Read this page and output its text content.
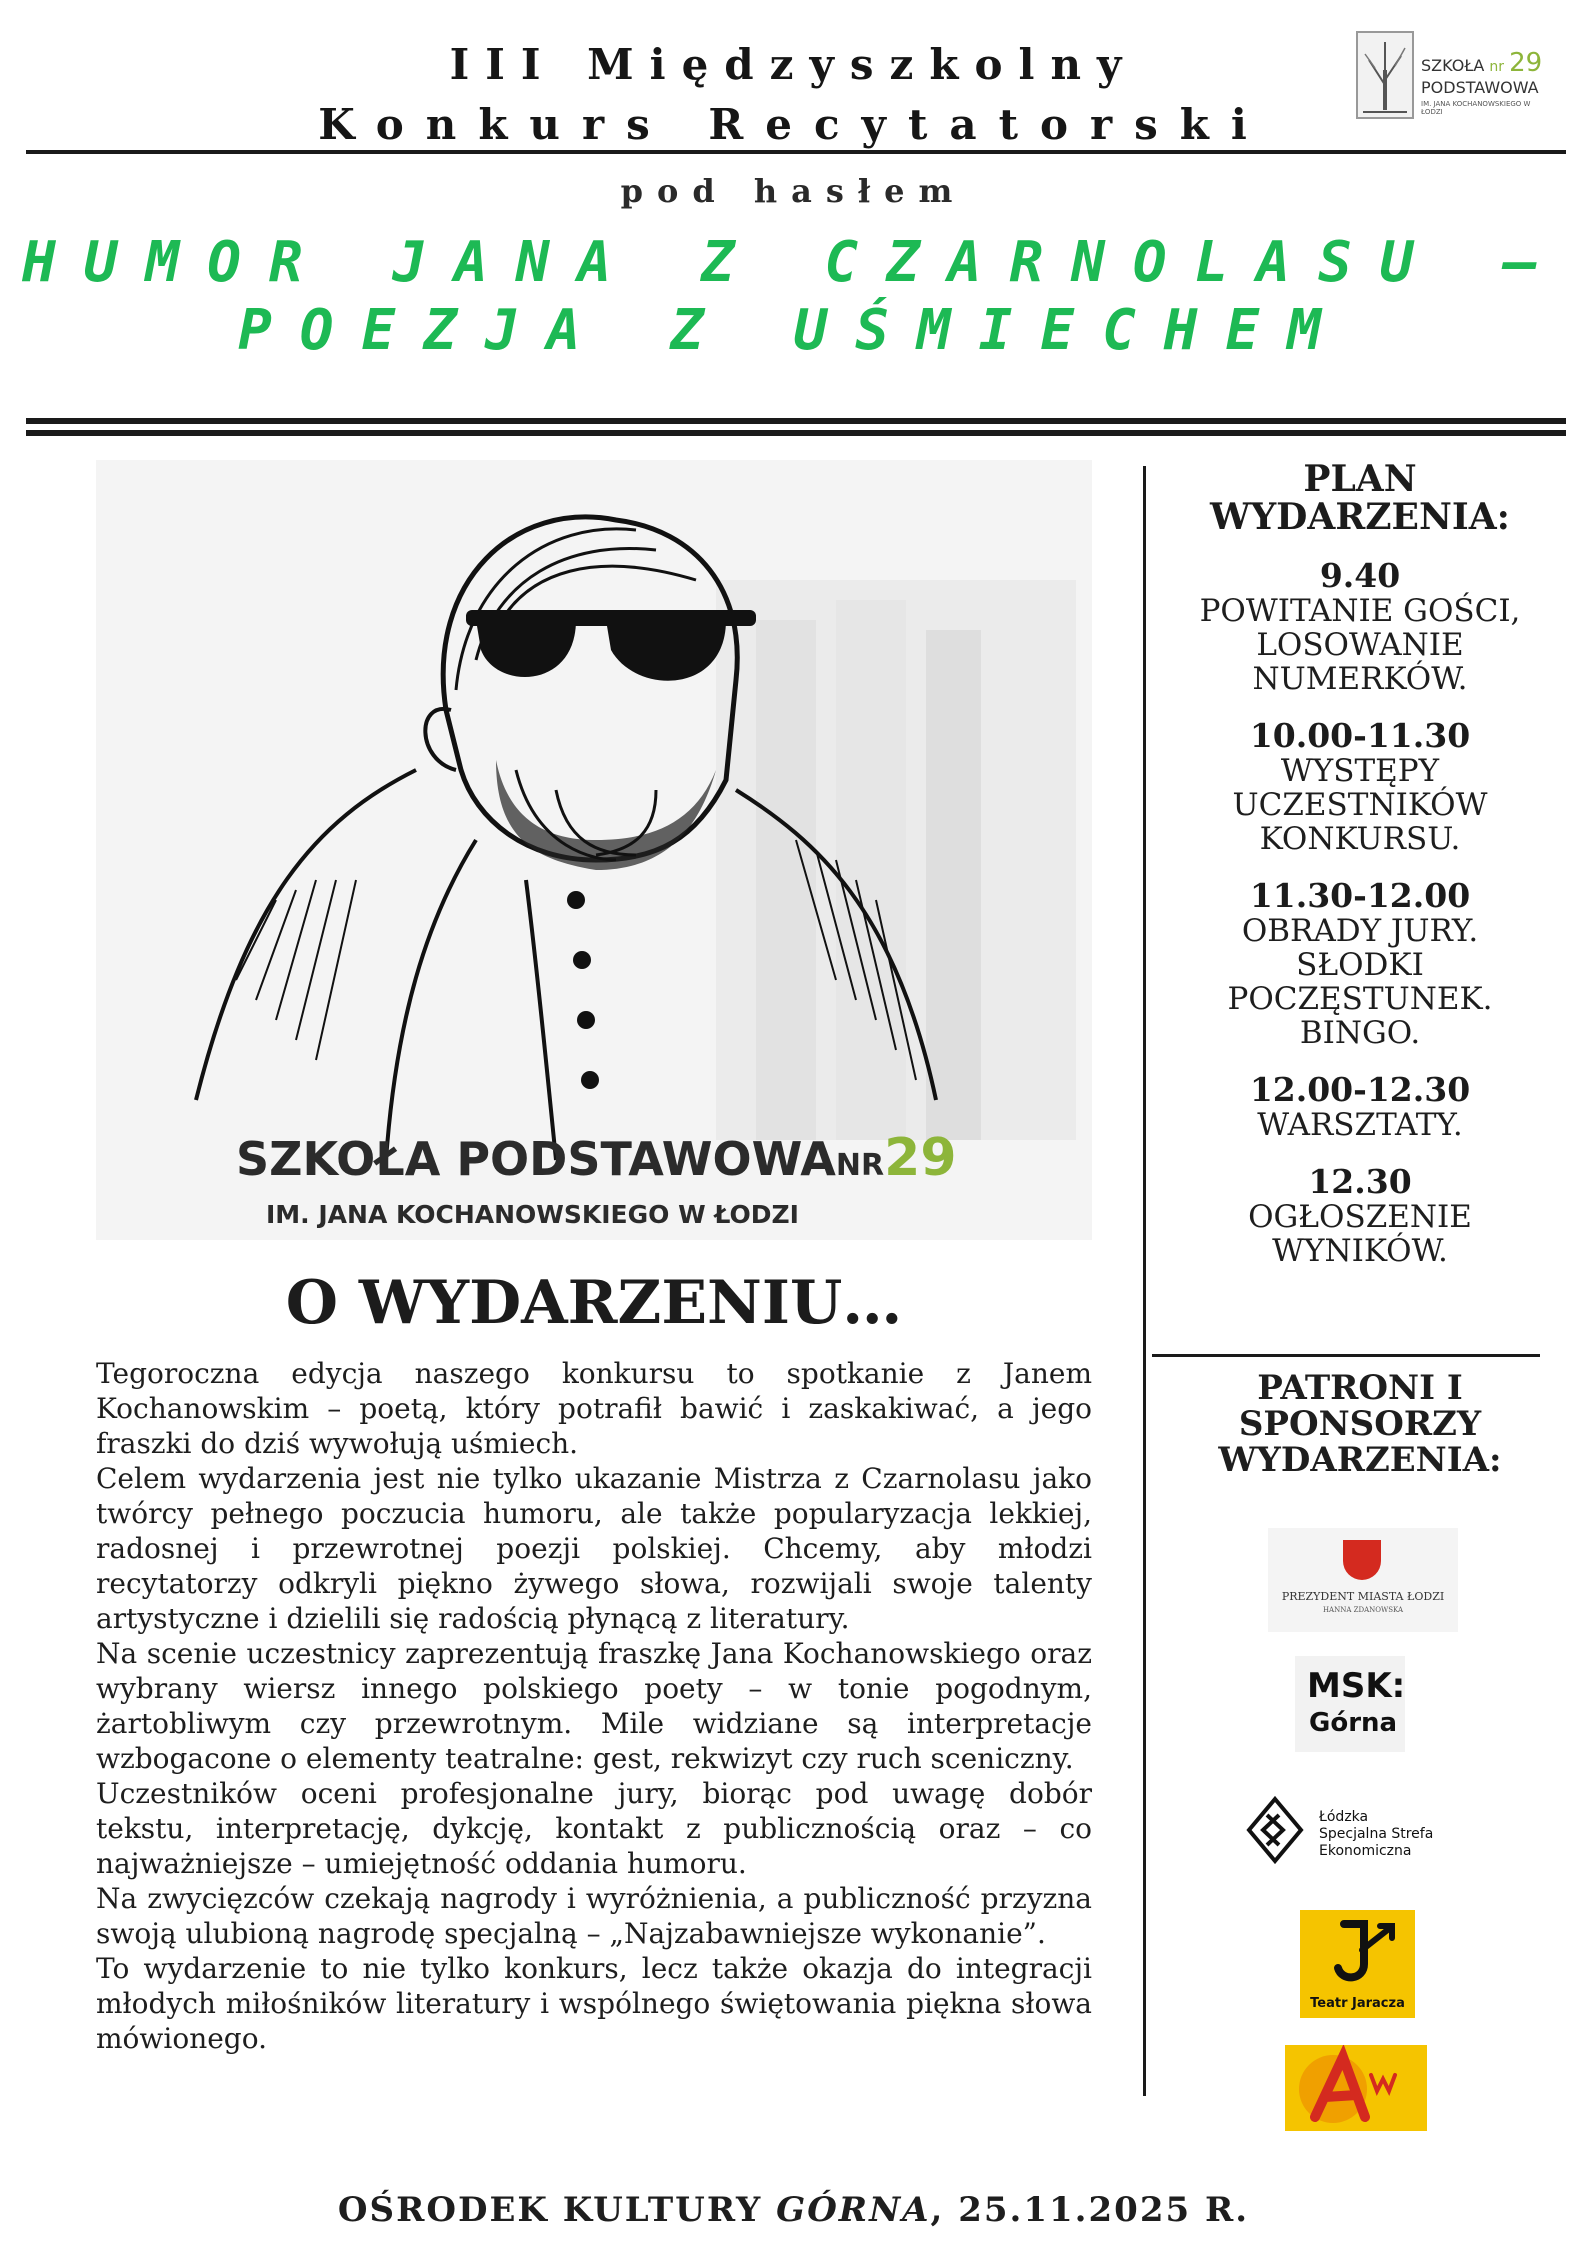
III Międzyszkolny
Konkurs Recytatorski
pod hasłem
HUMOR JANA Z CZARNOLASU –
POEZJA Z UŚMIECHEM
SZKOŁA nr 29
PODSTAWOWA
IM. JANA KOCHANOWSKIEGO W ŁODZI
SZKOŁA PODSTAWOWANR29
IM. JANA KOCHANOWSKIEGO W ŁODZI
O WYDARZENIU…

Tegoroczna edycja naszego konkursu to spotkanie z Janem Kochanowskim – poetą, który potrafił bawić i zaskakiwać, a jego fraszki do dziś wywołują uśmiech.

Celem wydarzenia jest nie tylko ukazanie Mistrza z Czarnolasu jako twórcy pełnego poczucia humoru, ale także popularyzacja lekkiej, radosnej i przewrotnej poezji polskiej. Chcemy, aby młodzi recytatorzy odkryli piękno żywego słowa, rozwijali swoje talenty artystyczne i dzielili się radością płynącą z literatury.

Na scenie uczestnicy zaprezentują fraszkę Jana Kochanowskiego oraz wybrany wiersz innego polskiego poety – w tonie pogodnym, żartobliwym czy przewrotnym. Mile widziane są interpretacje wzbogacone o elementy teatralne: gest, rekwizyt czy ruch sceniczny.

Uczestników oceni profesjonalne jury, biorąc pod uwagę dobór tekstu, interpretację, dykcję, kontakt z publicznością oraz – co najważniejsze – umiejętność oddania humoru.

Na zwycięzców czekają nagrody i wyróżnienia, a publiczność przyzna swoją ulubioną nagrodę specjalną – „Najzabawniejsze wykonanie”.

To wydarzenie to nie tylko konkurs, lecz także okazja do integracji młodych miłośników literatury i wspólnego świętowania piękna słowa mówionego.

PLAN
WYDARZENIA:
9.40
POWITANIE GOŚCI,
LOSOWANIE
NUMERKÓW.
10.00-11.30
WYSTĘPY
UCZESTNIKÓW
KONKURSU.
11.30-12.00
OBRADY JURY.
SŁODKI
POCZĘSTUNEK.
BINGO.
12.00-12.30
WARSZTATY.
12.30
OGŁOSZENIE
WYNIKÓW.
PATRONI I
SPONSORZY
WYDARZENIA:
PREZYDENT MIASTA ŁODZI
HANNA ZDANOWSKA
MSK:
Górna
Łódzka
Specjalna Strefa
Ekonomiczna
Teatr Jaracza
OŚRODEK KULTURY GÓRNA, 25.11.2025 R.
